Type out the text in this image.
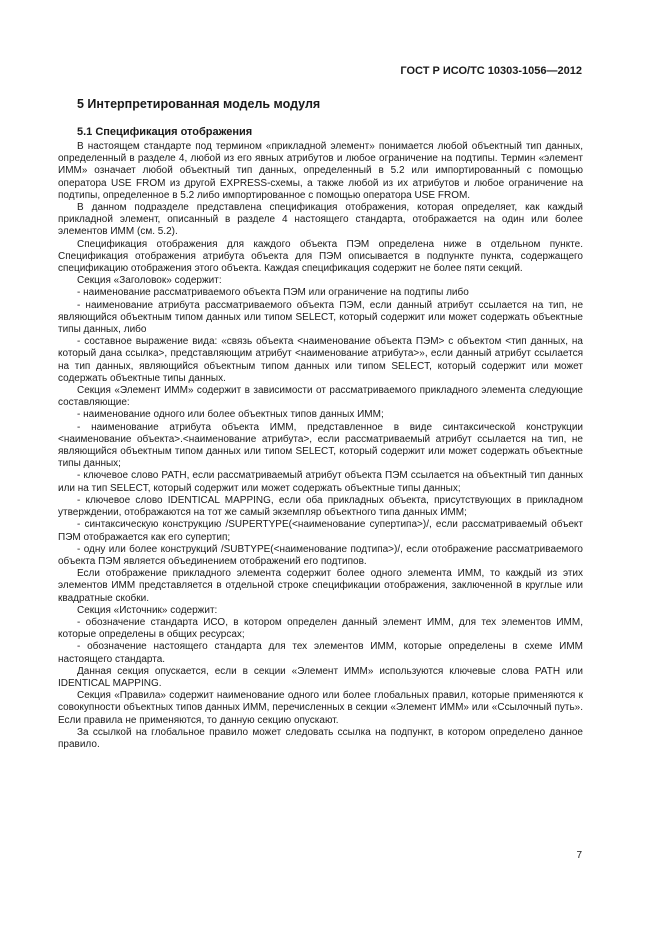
ГОСТ Р ИСО/ТС 10303-1056—2012
5 Интерпретированная модель модуля
5.1 Спецификация отображения

В настоящем стандарте под термином «прикладной элемент» понимается любой объектный тип данных, определенный в разделе 4, любой из его явных атрибутов и любое ограничение на подтипы. Термин «элемент ИММ» означает любой объектный тип данных, определенный в 5.2 или импортированный с помощью оператора USE FROM из другой EXPRESS-схемы, а также любой из их атрибутов и любое ограничение на подтипы, определенное в 5.2 либо импортированное с помощью оператора USE FROM.

В данном подразделе представлена спецификация отображения, которая определяет, как каждый прикладной элемент, описанный в разделе 4 настоящего стандарта, отображается на один или более элементов ИММ (см. 5.2).

Спецификация отображения для каждого объекта ПЭМ определена ниже в отдельном пункте. Спецификация отображения атрибута объекта для ПЭМ описывается в подпункте пункта, содержащего спецификацию отображения этого объекта. Каждая спецификация содержит не более пяти секций.

Секция «Заголовок» содержит:

- наименование рассматриваемого объекта ПЭМ или ограничение на подтипы либо

- наименование атрибута рассматриваемого объекта ПЭМ, если данный атрибут ссылается на тип, не являющийся объектным типом данных или типом SELECT, который содержит или может содержать объектные типы данных, либо

- составное выражение вида: «связь объекта <наименование объекта ПЭМ> с объектом <тип данных, на который дана ссылка>, представляющим атрибут <наименование атрибута>», если данный атрибут ссылается на тип данных, являющийся объектным типом данных или типом SELECT, который содержит или может содержать объектные типы данных.

Секция «Элемент ИММ» содержит в зависимости от рассматриваемого прикладного элемента следующие составляющие:

- наименование одного или более объектных типов данных ИММ;

- наименование атрибута объекта ИММ, представленное в виде синтаксической конструкции <наименование объекта>.<наименование атрибута>, если рассматриваемый атрибут ссылается на тип, не являющийся объектным типом данных или типом SELECT, который содержит или может содержать объектные типы данных;

- ключевое слово PATH, если рассматриваемый атрибут объекта ПЭМ ссылается на объектный тип данных или на тип SELECT, который содержит или может содержать объектные типы данных;

- ключевое слово IDENTICAL MAPPING, если оба прикладных объекта, присутствующих в прикладном утверждении, отображаются на тот же самый экземпляр объектного типа данных ИММ;

- синтаксическую конструкцию /SUPERTYPE(<наименование супертипа>)/, если рассматриваемый объект ПЭМ отображается как его супертип;

- одну или более конструкций /SUBTYPE(<наименование подтипа>)/, если отображение рассматриваемого объекта ПЭМ является объединением отображений его подтипов.

Если отображение прикладного элемента содержит более одного элемента ИММ, то каждый из этих элементов ИММ представляется в отдельной строке спецификации отображения, заключенной в круглые или квадратные скобки.

Секция «Источник» содержит:

- обозначение стандарта ИСО, в котором определен данный элемент ИММ, для тех элементов ИММ, которые определены в общих ресурсах;

- обозначение настоящего стандарта для тех элементов ИММ, которые определены в схеме ИММ настоящего стандарта.

Данная секция опускается, если в секции «Элемент ИММ» используются ключевые слова PATH или IDENTICAL MAPPING.

Секция «Правила» содержит наименование одного или более глобальных правил, которые применяются к совокупности объектных типов данных ИММ, перечисленных в секции «Элемент ИММ» или «Ссылочный путь». Если правила не применяются, то данную секцию опускают.

За ссылкой на глобальное правило может следовать ссылка на подпункт, в котором определено данное правило.

7
